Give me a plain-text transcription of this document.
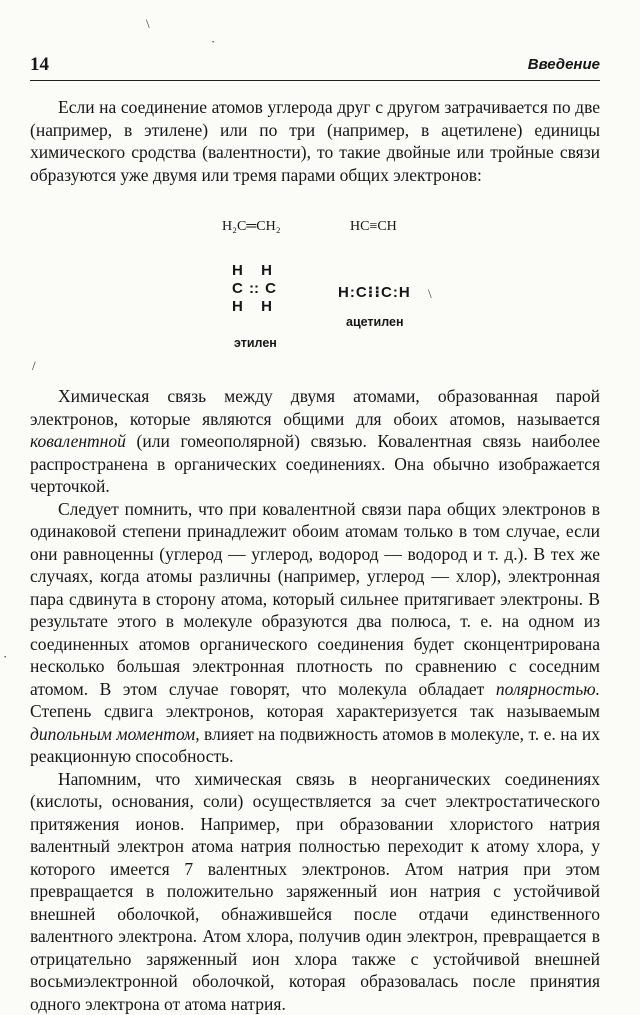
\
·
14	Введение

Если на соединение атомов углерода друг с другом затрачивается по две (например, в этилене) или по три (например, в ацетилене) единицы химического сродства (валентности), то такие двойные или тройные связи образуются уже двумя или тремя парами общих электронов:

H₂C═CH₂	HC≡CH
H H
C :: C
H H
H:C⁝⁝C:H \
ацетилен
этилен
/
·

Химическая связь между двумя атомами, образованная парой электронов, которые являются общими для обоих атомов, называется ковалентной (или гомеополярной) связью. Ковалентная связь наиболее распространена в органических соединениях. Она обычно изображается черточкой.

Следует помнить, что при ковалентной связи пара общих электронов в одинаковой степени принадлежит обоим атомам только в том случае, если они равноценны (углерод — углерод, водород — водород и т. д.). В тех же случаях, когда атомы различны (например, углерод — хлор), электронная пара сдвинута в сторону атома, который сильнее притягивает электроны. В результате этого в молекуле образуются два полюса, т. е. на одном из соединенных атомов органического соединения будет сконцентрирована несколько большая электронная плотность по сравнению с соседним атомом. В этом случае говорят, что молекула обладает полярностью. Степень сдвига электронов, которая характеризуется так называемым дипольным моментом, влияет на подвижность атомов в молекуле, т. е. на их реакционную способность.

Напомним, что химическая связь в неорганических соединениях (кислоты, основания, соли) осуществляется за счет электростатического притяжения ионов. Например, при образовании хлористого натрия валентный электрон атома натрия полностью переходит к атому хлора, у которого имеется 7 валентных электронов. Атом натрия при этом превращается в положительно заряженный ион натрия с устойчивой внешней оболочкой, обнажившейся после отдачи единственного валентного электрона. Атом хлора, получив один электрон, превращается в отрицательно заряженный ион хлора также с устойчивой внешней восьмиэлектронной оболочкой, которая образовалась после принятия одного электрона от атома натрия.
